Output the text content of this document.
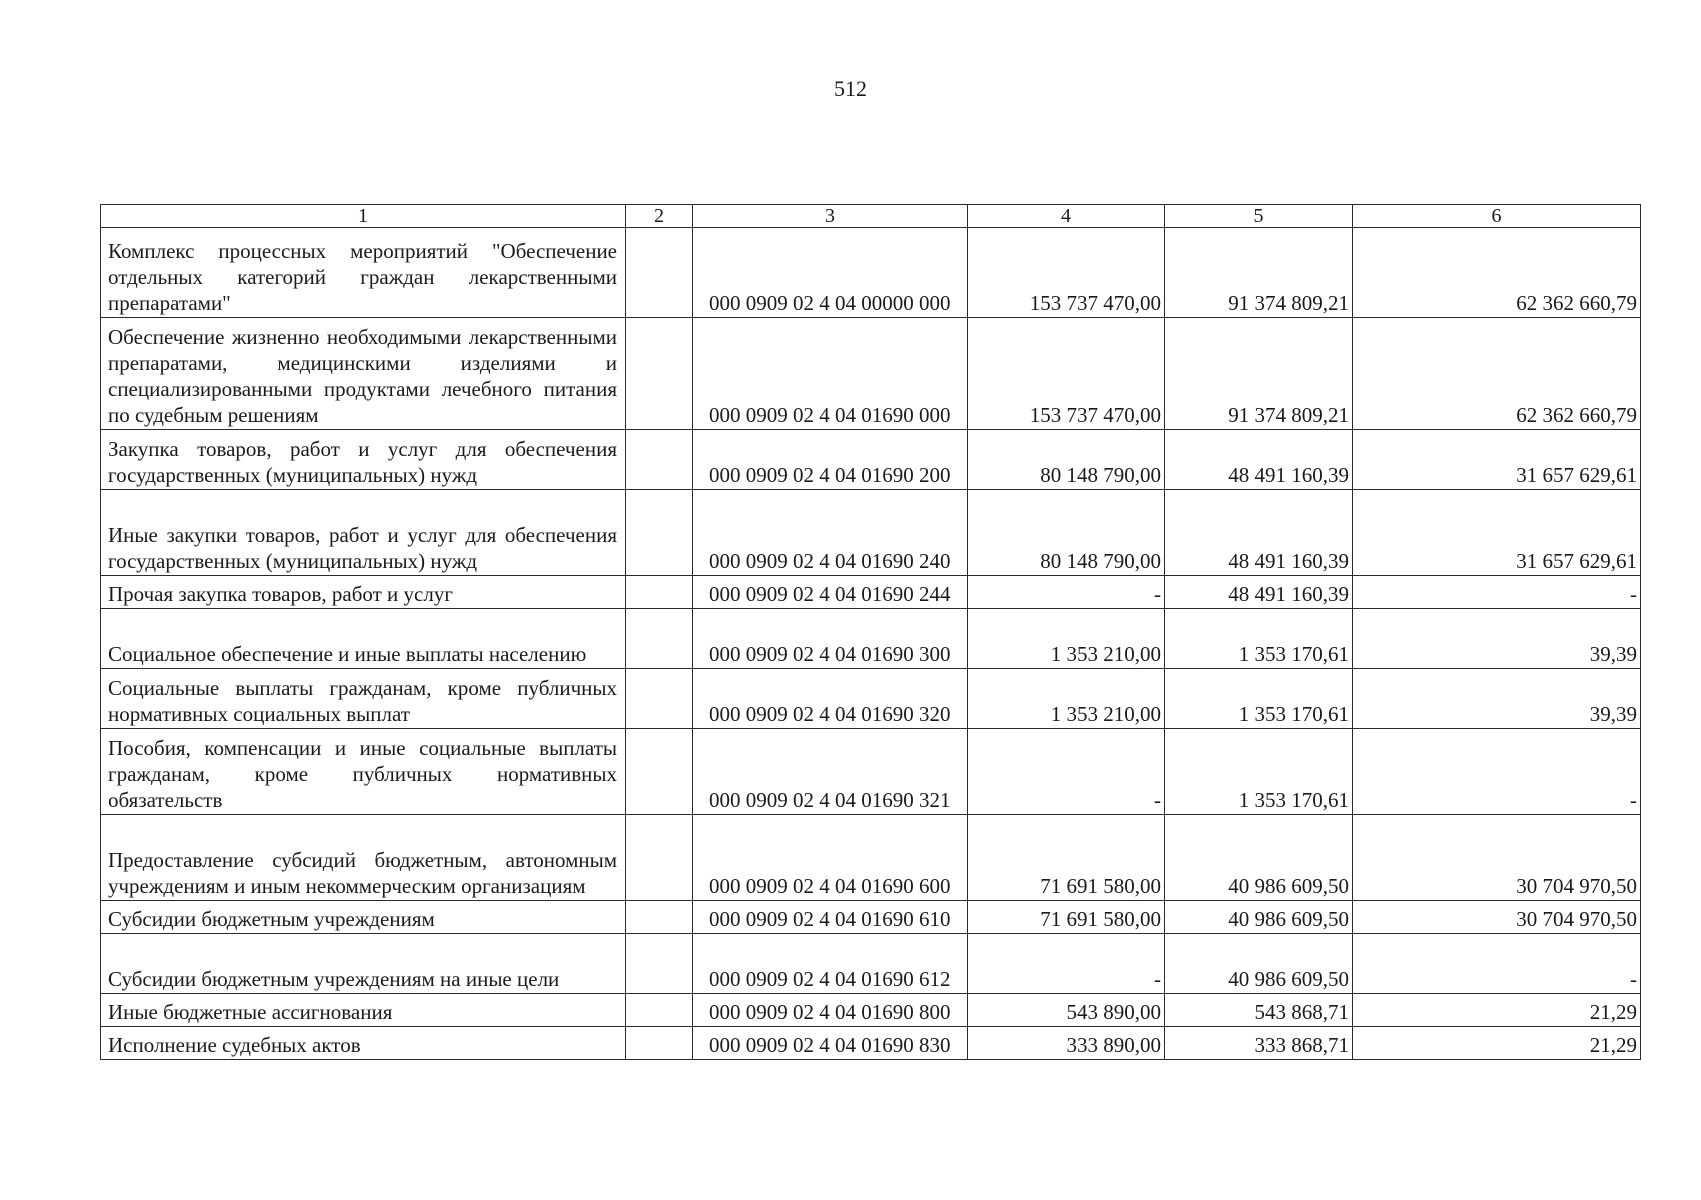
512
1	2	3	4	5	6
Комплекс процессных мероприятий "Обеспечение отдельных категорий граждан лекарственными препаратами"		000 0909 02 4 04 00000 000	153 737 470,00	91 374 809,21	62 362 660,79
Обеспечение жизненно необходимыми лекарственными препаратами, медицинскими изделиями и специализированными продуктами лечебного питания по судебным решениям		000 0909 02 4 04 01690 000	153 737 470,00	91 374 809,21	62 362 660,79
Закупка товаров, работ и услуг для обеспечения государственных (муниципальных) нужд		000 0909 02 4 04 01690 200	80 148 790,00	48 491 160,39	31 657 629,61
Иные закупки товаров, работ и услуг для обеспечения государственных (муниципальных) нужд		000 0909 02 4 04 01690 240	80 148 790,00	48 491 160,39	31 657 629,61
Прочая закупка товаров, работ и услуг		000 0909 02 4 04 01690 244	-	48 491 160,39	-
Социальное обеспечение и иные выплаты населению		000 0909 02 4 04 01690 300	1 353 210,00	1 353 170,61	39,39
Социальные выплаты гражданам, кроме публичных нормативных социальных выплат		000 0909 02 4 04 01690 320	1 353 210,00	1 353 170,61	39,39
Пособия, компенсации и иные социальные выплаты гражданам, кроме публичных нормативных обязательств		000 0909 02 4 04 01690 321	-	1 353 170,61	-
Предоставление субсидий бюджетным, автономным учреждениям и иным некоммерческим организациям		000 0909 02 4 04 01690 600	71 691 580,00	40 986 609,50	30 704 970,50
Субсидии бюджетным учреждениям		000 0909 02 4 04 01690 610	71 691 580,00	40 986 609,50	30 704 970,50
Субсидии бюджетным учреждениям на иные цели		000 0909 02 4 04 01690 612	-	40 986 609,50	-
Иные бюджетные ассигнования		000 0909 02 4 04 01690 800	543 890,00	543 868,71	21,29
Исполнение судебных актов		000 0909 02 4 04 01690 830	333 890,00	333 868,71	21,29
